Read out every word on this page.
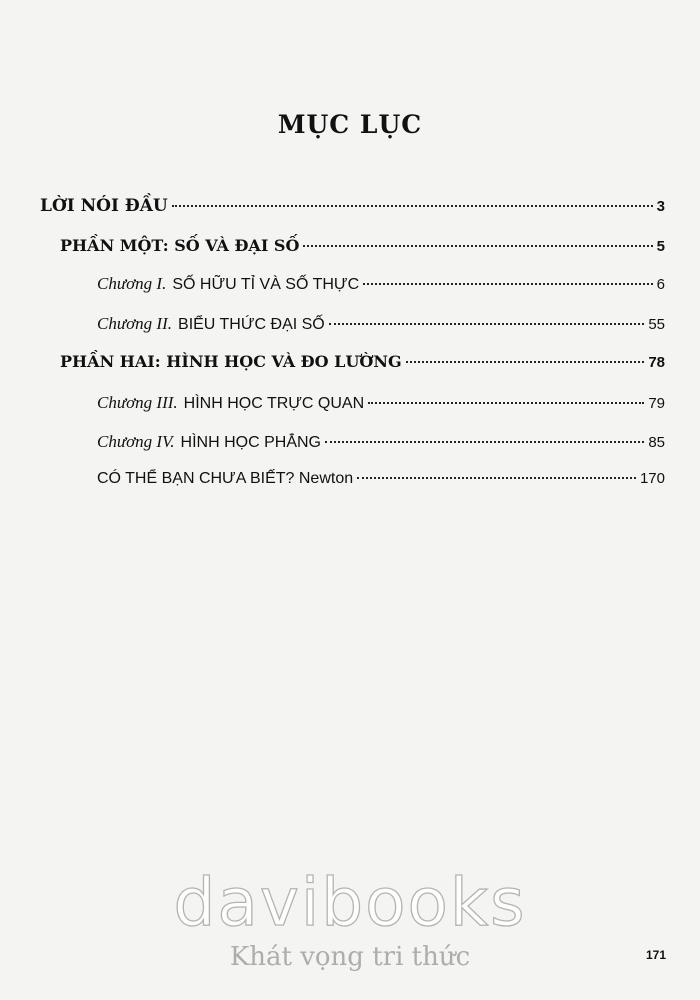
MỤC LỤC
LỜI NÓI ĐẦU	3
PHẦN MỘT: SỐ VÀ ĐẠI SỐ	5
Chương I. SỐ HỮU TỈ VÀ SỐ THỰC	6
Chương II. BIỂU THỨC ĐẠI SỐ	55
PHẦN HAI: HÌNH HỌC VÀ ĐO LƯỜNG	78
Chương III. HÌNH HỌC TRỰC QUAN	79
Chương IV. HÌNH HỌC PHẲNG	85
CÓ THỂ BẠN CHƯA BIẾT? Newton	170
171
davibooks
Khát vọng tri thức
